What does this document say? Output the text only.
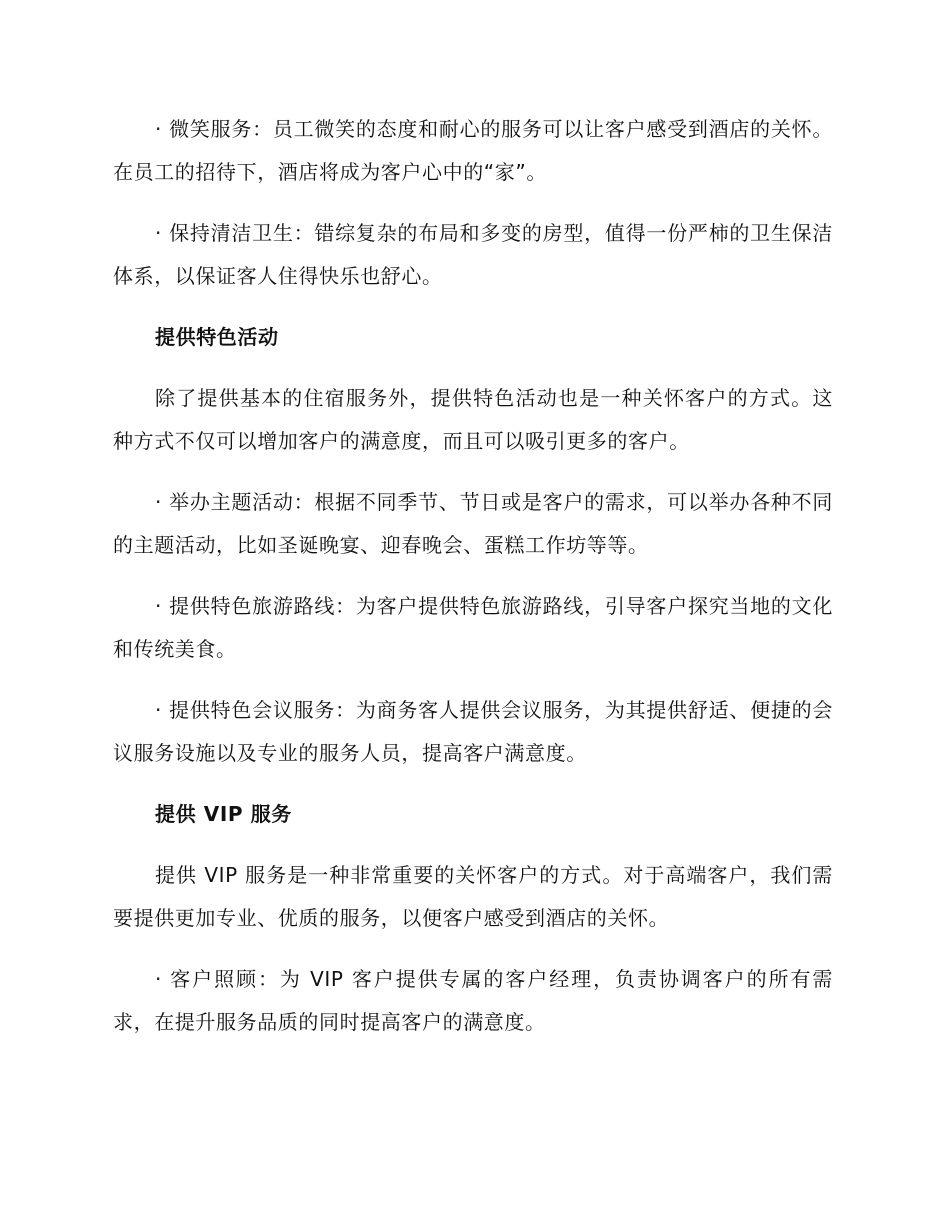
· 微笑服务：员工微笑的态度和耐心的服务可以让客户感受到酒店的关怀。在员工的招待下，酒店将成为客户心中的“家”。

· 保持清洁卫生：错综复杂的布局和多变的房型，值得一份严柿的卫生保洁体系，以保证客人住得快乐也舒心。

提供特色活动

除了提供基本的住宿服务外，提供特色活动也是一种关怀客户的方式。这种方式不仅可以增加客户的满意度，而且可以吸引更多的客户。

· 举办主题活动：根据不同季节、节日或是客户的需求，可以举办各种不同的主题活动，比如圣诞晚宴、迎春晚会、蛋糕工作坊等等。

· 提供特色旅游路线：为客户提供特色旅游路线，引导客户探究当地的文化和传统美食。

· 提供特色会议服务：为商务客人提供会议服务，为其提供舒适、便捷的会议服务设施以及专业的服务人员，提高客户满意度。

提供 VIP 服务

提供 VIP 服务是一种非常重要的关怀客户的方式。对于高端客户，我们需要提供更加专业、优质的服务，以便客户感受到酒店的关怀。

· 客户照顾：为 VIP 客户提供专属的客户经理，负责协调客户的所有需求，在提升服务品质的同时提高客户的满意度。
